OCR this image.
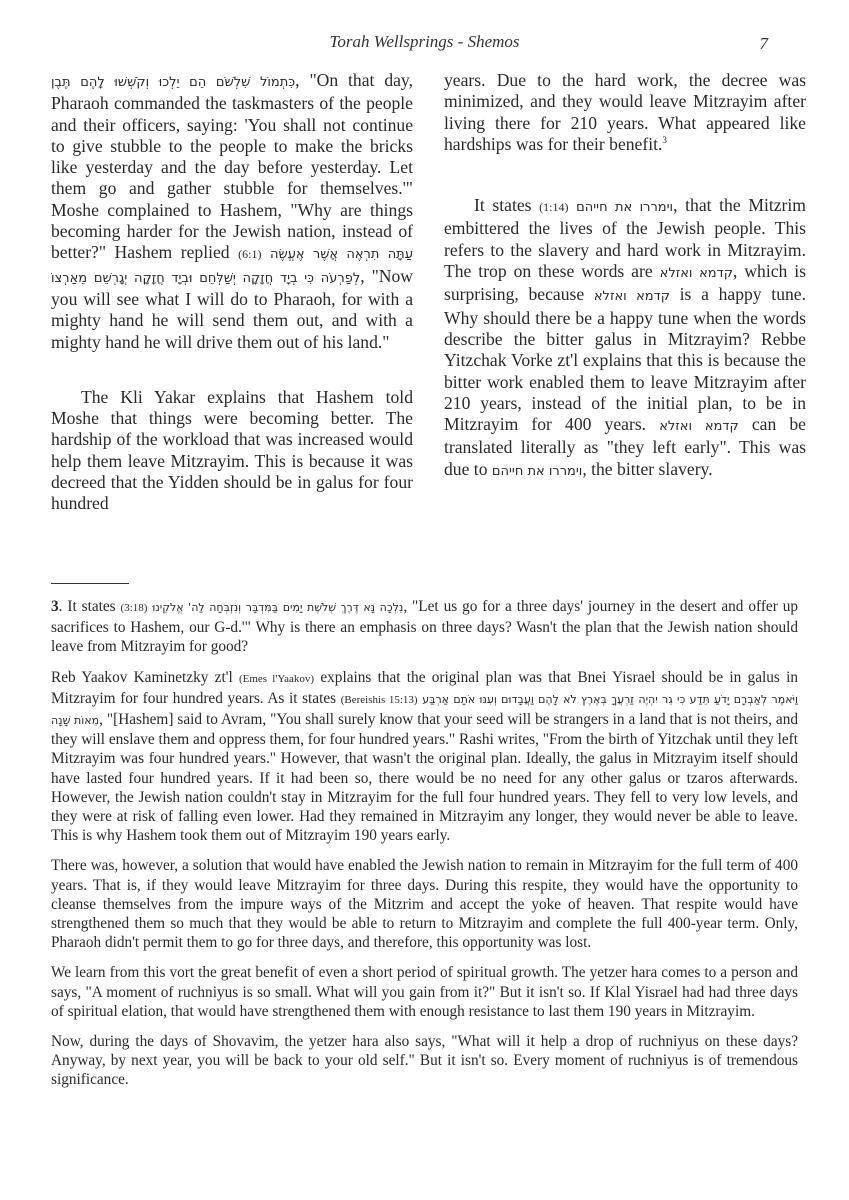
Torah Wellsprings - Shemos	7

כִּתְמוֹל שִׁלְשֹׁם הֵם יֵלְכוּ וְקֹשְׁשׁוּ לָהֶם תֶּבֶן, "On that day, Pharaoh commanded the taskmasters of the people and their officers, saying: 'You shall not continue to give stubble to the people to make the bricks like yesterday and the day before yesterday. Let them go and gather stubble for themselves.'" Moshe complained to Hashem, "Why are things becoming harder for the Jewish nation, instead of better?" Hashem replied (6:1) עַתָּה תִרְאֶה אֲשֶׁר אֶעֱשֶׂה לְפַרְעֹה כִּי בְיָד חֲזָקָה יְשַׁלְּחֵם וּבְיָד חֲזָקָה יְגָרְשֵׁם מֵאַרְצוֹ, "Now you will see what I will do to Pharaoh, for with a mighty hand he will send them out, and with a mighty hand he will drive them out of his land."

The Kli Yakar explains that Hashem told Moshe that things were becoming better. The hardship of the workload that was increased would help them leave Mitzrayim. This is because it was decreed that the Yidden should be in galus for four hundred

years. Due to the hard work, the decree was minimized, and they would leave Mitzrayim after living there for 210 years. What appeared like hardships was for their benefit.$^3$

It states (1:14) וימררו את חייהם, that the Mitzrim embittered the lives of the Jewish people. This refers to the slavery and hard work in Mitzrayim. The trop on these words are קדמא ואזלא, which is surprising, because קדמא ואזלא is a happy tune. Why should there be a happy tune when the words describe the bitter galus in Mitzrayim? Rebbe Yitzchak Vorke zt'l explains that this is because the bitter work enabled them to leave Mitzrayim after 210 years, instead of the initial plan, to be in Mitzrayim for 400 years. קדמא ואזלא can be translated literally as "they left early". This was due to וימררו את חייהם, the bitter slavery.

3. It states (3:18) נֵלְכָה נָּא דֶּרֶךְ שְׁלֹשֶׁת יָמִים בַּמִּדְבָּר וְנִזְבְּחָה לַה' אֱלֹקֵינוּ, "Let us go for a three days' journey in the desert and offer up sacrifices to Hashem, our G-d.'" Why is there an emphasis on three days? Wasn't the plan that the Jewish nation should leave from Mitzrayim for good?

Reb Yaakov Kaminetzky zt'l (Emes l'Yaakov) explains that the original plan was that Bnei Yisrael should be in galus in Mitzrayim for four hundred years. As it states (Bereishis 15:13) וַיֹּאמֶר לְאַבְרָם יָדֹעַ תֵּדַע כִּי גֵר יִהְיֶה זַרְעֲךָ בְּאֶרֶץ לֹא לָהֶם וַעֲבָדוּם וְעִנּוּ אֹתָם אַרְבַּע מֵאוֹת שָׁנָה, "[Hashem] said to Avram, "You shall surely know that your seed will be strangers in a land that is not theirs, and they will enslave them and oppress them, for four hundred years." Rashi writes, "From the birth of Yitzchak until they left Mitzrayim was four hundred years." However, that wasn't the original plan. Ideally, the galus in Mitzrayim itself should have lasted four hundred years. If it had been so, there would be no need for any other galus or tzaros afterwards. However, the Jewish nation couldn't stay in Mitzrayim for the full four hundred years. They fell to very low levels, and they were at risk of falling even lower. Had they remained in Mitzrayim any longer, they would never be able to leave. This is why Hashem took them out of Mitzrayim 190 years early.

There was, however, a solution that would have enabled the Jewish nation to remain in Mitzrayim for the full term of 400 years. That is, if they would leave Mitzrayim for three days. During this respite, they would have the opportunity to cleanse themselves from the impure ways of the Mitzrim and accept the yoke of heaven. That respite would have strengthened them so much that they would be able to return to Mitzrayim and complete the full 400-year term. Only, Pharaoh didn't permit them to go for three days, and therefore, this opportunity was lost.

We learn from this vort the great benefit of even a short period of spiritual growth. The yetzer hara comes to a person and says, "A moment of ruchniyus is so small. What will you gain from it?" But it isn't so. If Klal Yisrael had had three days of spiritual elation, that would have strengthened them with enough resistance to last them 190 years in Mitzrayim.

Now, during the days of Shovavim, the yetzer hara also says, "What will it help a drop of ruchniyus on these days? Anyway, by next year, you will be back to your old self." But it isn't so. Every moment of ruchniyus is of tremendous significance.
